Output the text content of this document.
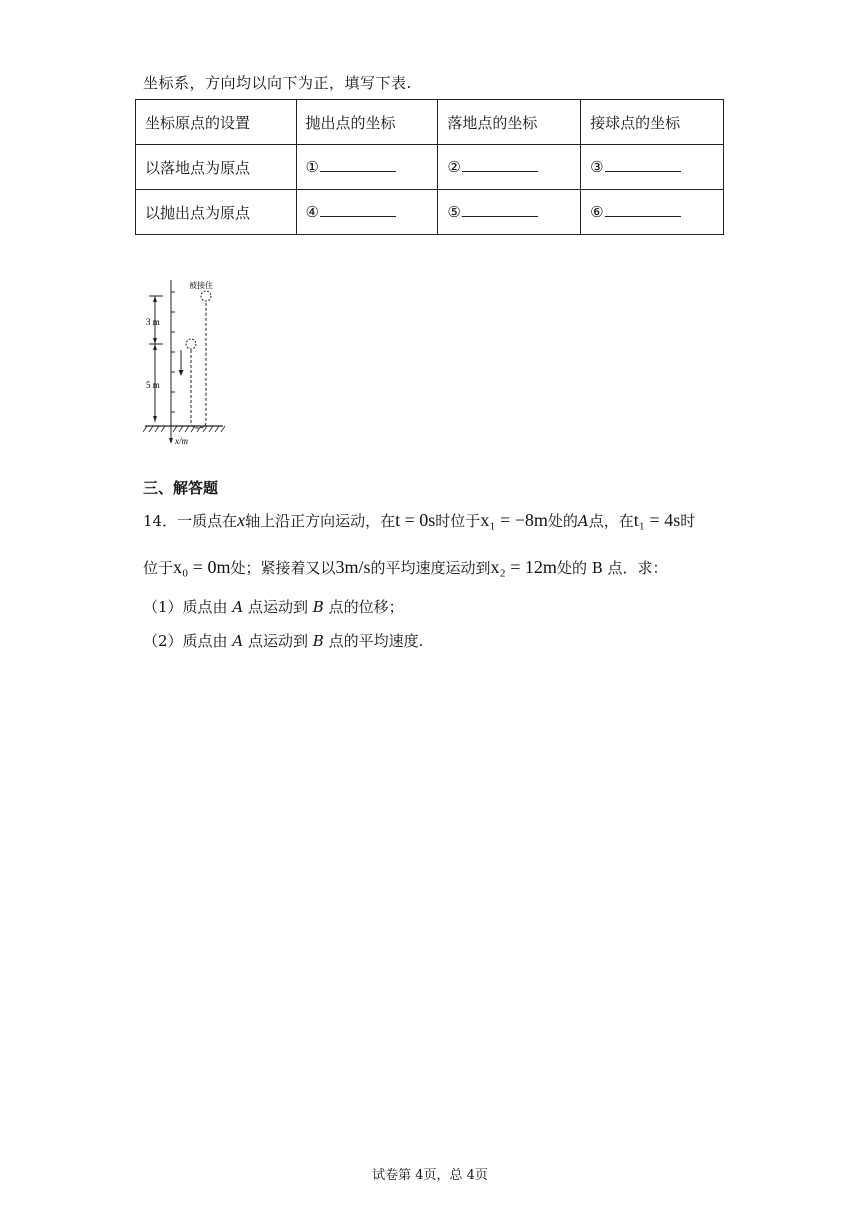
坐标系，方向均以向下为正，填写下表.
坐标原点的设置	抛出点的坐标	落地点的坐标	接球点的坐标
以落地点为原点	①	②	③
以抛出点为原点	④	⑤	⑥
3 m
5 m
被接住
x/m
三、解答题
14．一质点在x轴上沿正方向运动，在t = 0s时位于x₁ = −8m处的A点，在t₁ = 4s时
位于x₀ = 0m处；紧接着又以3m/s的平均速度运动到x₂ = 12m处的 B 点．求：
（1）质点由 A 点运动到 B 点的位移；
（2）质点由 A 点运动到 B 点的平均速度.
试卷第 4页，总 4页
